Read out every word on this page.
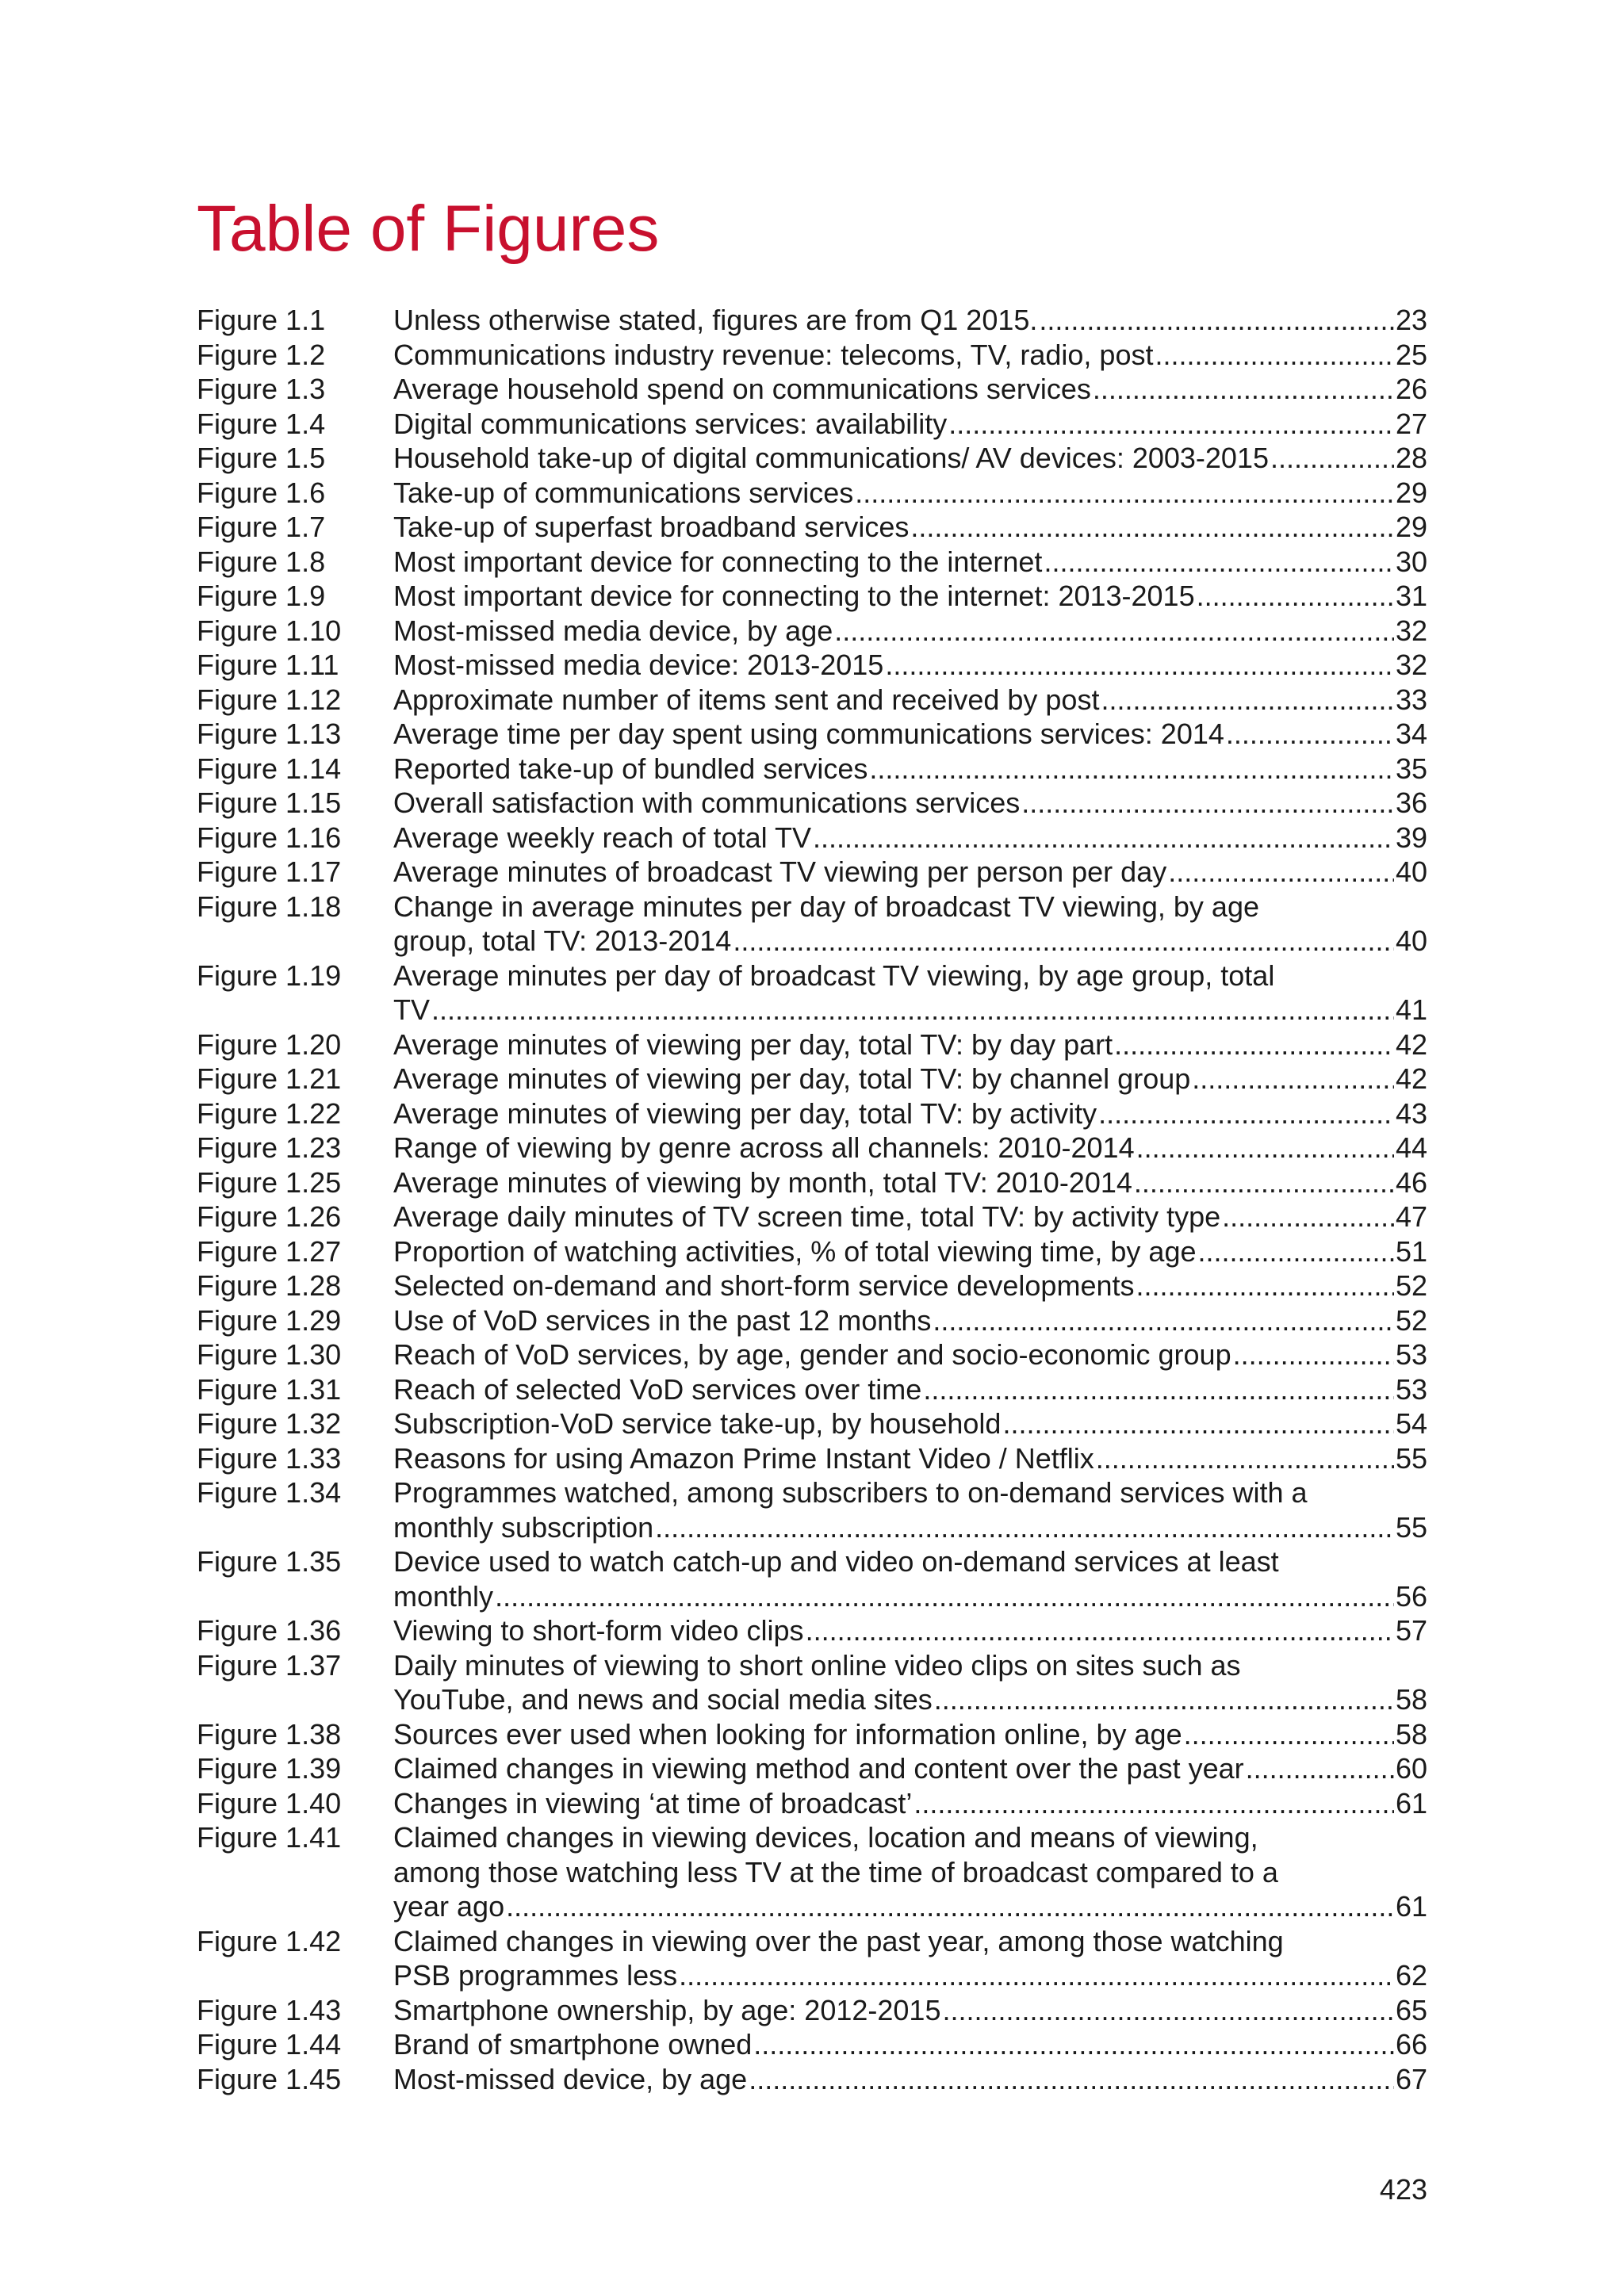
Table of Figures
Figure 1.1	Unless otherwise stated, figures are from Q1 2015. .....	23
Figure 1.2	Communications industry revenue: telecoms, TV, radio, post .....	25
Figure 1.3	Average household spend on communications services .....	26
Figure 1.4	Digital communications services: availability .....	27
Figure 1.5	Household take-up of digital communications/ AV devices: 2003-2015 .....	28
Figure 1.6	Take-up of communications services .....	29
Figure 1.7	Take-up of superfast broadband services .....	29
Figure 1.8	Most important device for connecting to the internet .....	30
Figure 1.9	Most important device for connecting to the internet: 2013-2015 .....	31
Figure 1.10	Most-missed media device, by age .....	32
Figure 1.11	Most-missed media device: 2013-2015 .....	32
Figure 1.12	Approximate number of items sent and received by post .....	33
Figure 1.13	Average time per day spent using communications services: 2014 .....	34
Figure 1.14	Reported take-up of bundled services .....	35
Figure 1.15	Overall satisfaction with communications services .....	36
Figure 1.16	Average weekly reach of total TV .....	39
Figure 1.17	Average minutes of broadcast TV viewing per person per day .....	40
Figure 1.18	Change in average minutes per day of broadcast TV viewing, by age
group, total TV: 2013-2014 .....	40
Figure 1.19	Average minutes per day of broadcast TV viewing, by age group, total
TV .....	41
Figure 1.20	Average minutes of viewing per day, total TV: by day part .....	42
Figure 1.21	Average minutes of viewing per day, total TV: by channel group .....	42
Figure 1.22	Average minutes of viewing per day, total TV: by activity .....	43
Figure 1.23	Range of viewing by genre across all channels: 2010-2014 .....	44
Figure 1.25	Average minutes of viewing by month, total TV: 2010-2014 .....	46
Figure 1.26	Average daily minutes of TV screen time, total TV: by activity type .....	47
Figure 1.27	Proportion of watching activities, % of total viewing time, by age .....	51
Figure 1.28	Selected on-demand and short-form service developments .....	52
Figure 1.29	Use of VoD services in the past 12 months .....	52
Figure 1.30	Reach of VoD services, by age, gender and socio-economic group .....	53
Figure 1.31	Reach of selected VoD services over time .....	53
Figure 1.32	Subscription-VoD service take-up, by household .....	54
Figure 1.33	Reasons for using Amazon Prime Instant Video / Netflix .....	55
Figure 1.34	Programmes watched, among subscribers to on-demand services with a
monthly subscription .....	55
Figure 1.35	Device used to watch catch-up and video on-demand services at least
monthly .....	56
Figure 1.36	Viewing to short-form video clips .....	57
Figure 1.37	Daily minutes of viewing to short online video clips on sites such as
YouTube, and news and social media sites .....	58
Figure 1.38	Sources ever used when looking for information online, by age .....	58
Figure 1.39	Claimed changes in viewing method and content over the past year .....	60
Figure 1.40	Changes in viewing ‘at time of broadcast’ .....	61
Figure 1.41	Claimed changes in viewing devices, location and means of viewing,
among those watching less TV at the time of broadcast compared to a
year ago .....	61
Figure 1.42	Claimed changes in viewing over the past year, among those watching
PSB programmes less .....	62
Figure 1.43	Smartphone ownership, by age: 2012-2015 .....	65
Figure 1.44	Brand of smartphone owned .....	66
Figure 1.45	Most-missed device, by age .....	67
423
